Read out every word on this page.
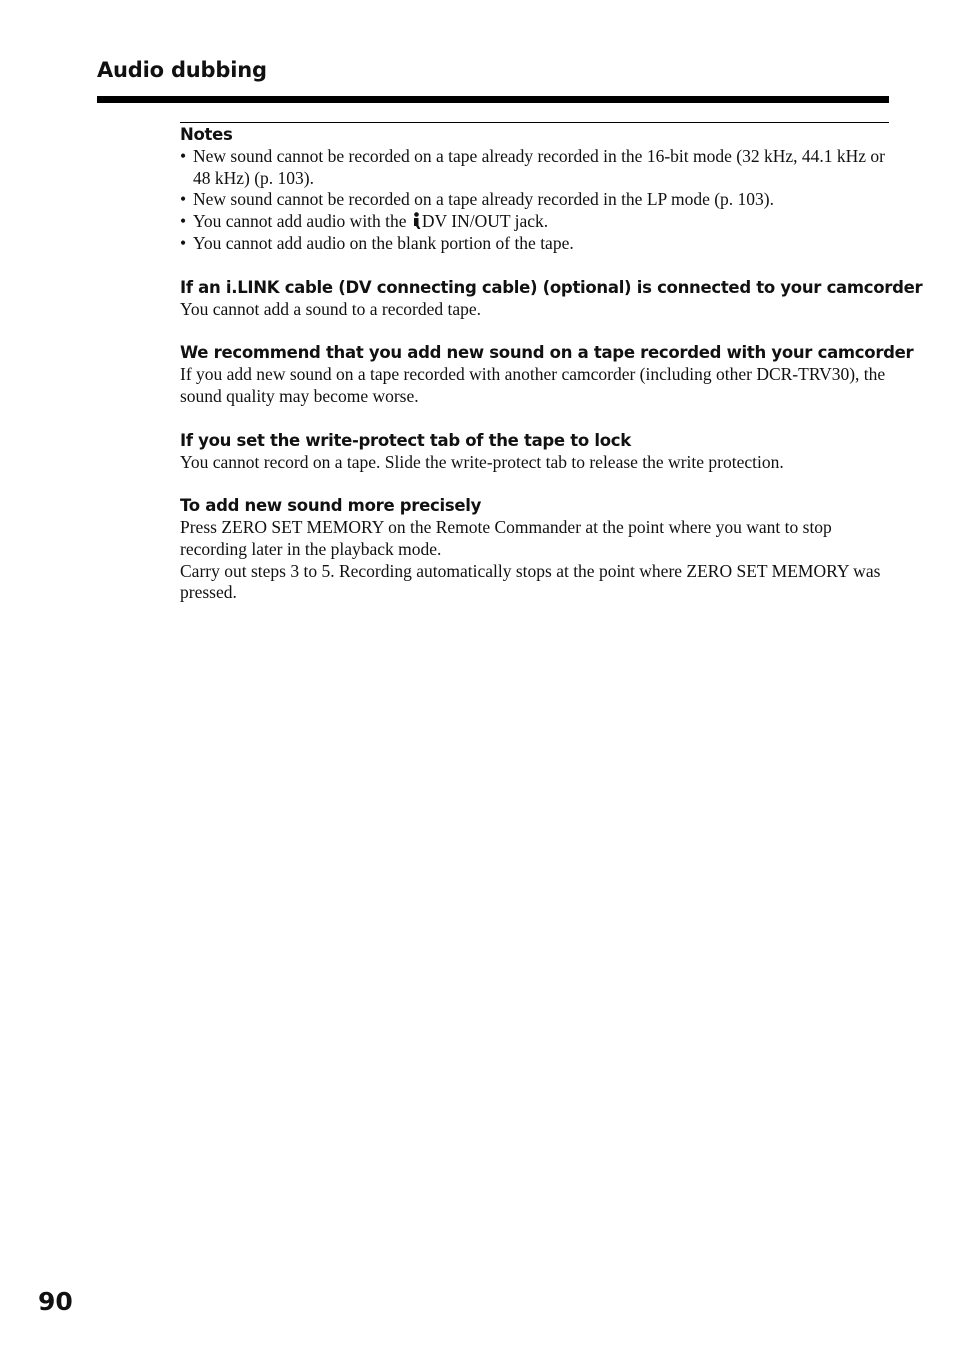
Audio dubbing

Notes

• New sound cannot be recorded on a tape already recorded in the 16-bit mode (32 kHz, 44.1 kHz or 48 kHz) (p. 103).
• New sound cannot be recorded on a tape already recorded in the LP mode (p. 103).
• You cannot add audio with the DV IN/OUT jack.
• You cannot add audio on the blank portion of the tape.

If an i.LINK cable (DV connecting cable) (optional) is connected to your camcorder

You cannot add a sound to a recorded tape.

We recommend that you add new sound on a tape recorded with your camcorder

If you add new sound on a tape recorded with another camcorder (including other DCR-TRV30), the sound quality may become worse.

If you set the write-protect tab of the tape to lock

You cannot record on a tape. Slide the write-protect tab to release the write protection.

To add new sound more precisely

Press ZERO SET MEMORY on the Remote Commander at the point where you want to stop recording later in the playback mode.

Carry out steps 3 to 5. Recording automatically stops at the point where ZERO SET MEMORY was pressed.

90
